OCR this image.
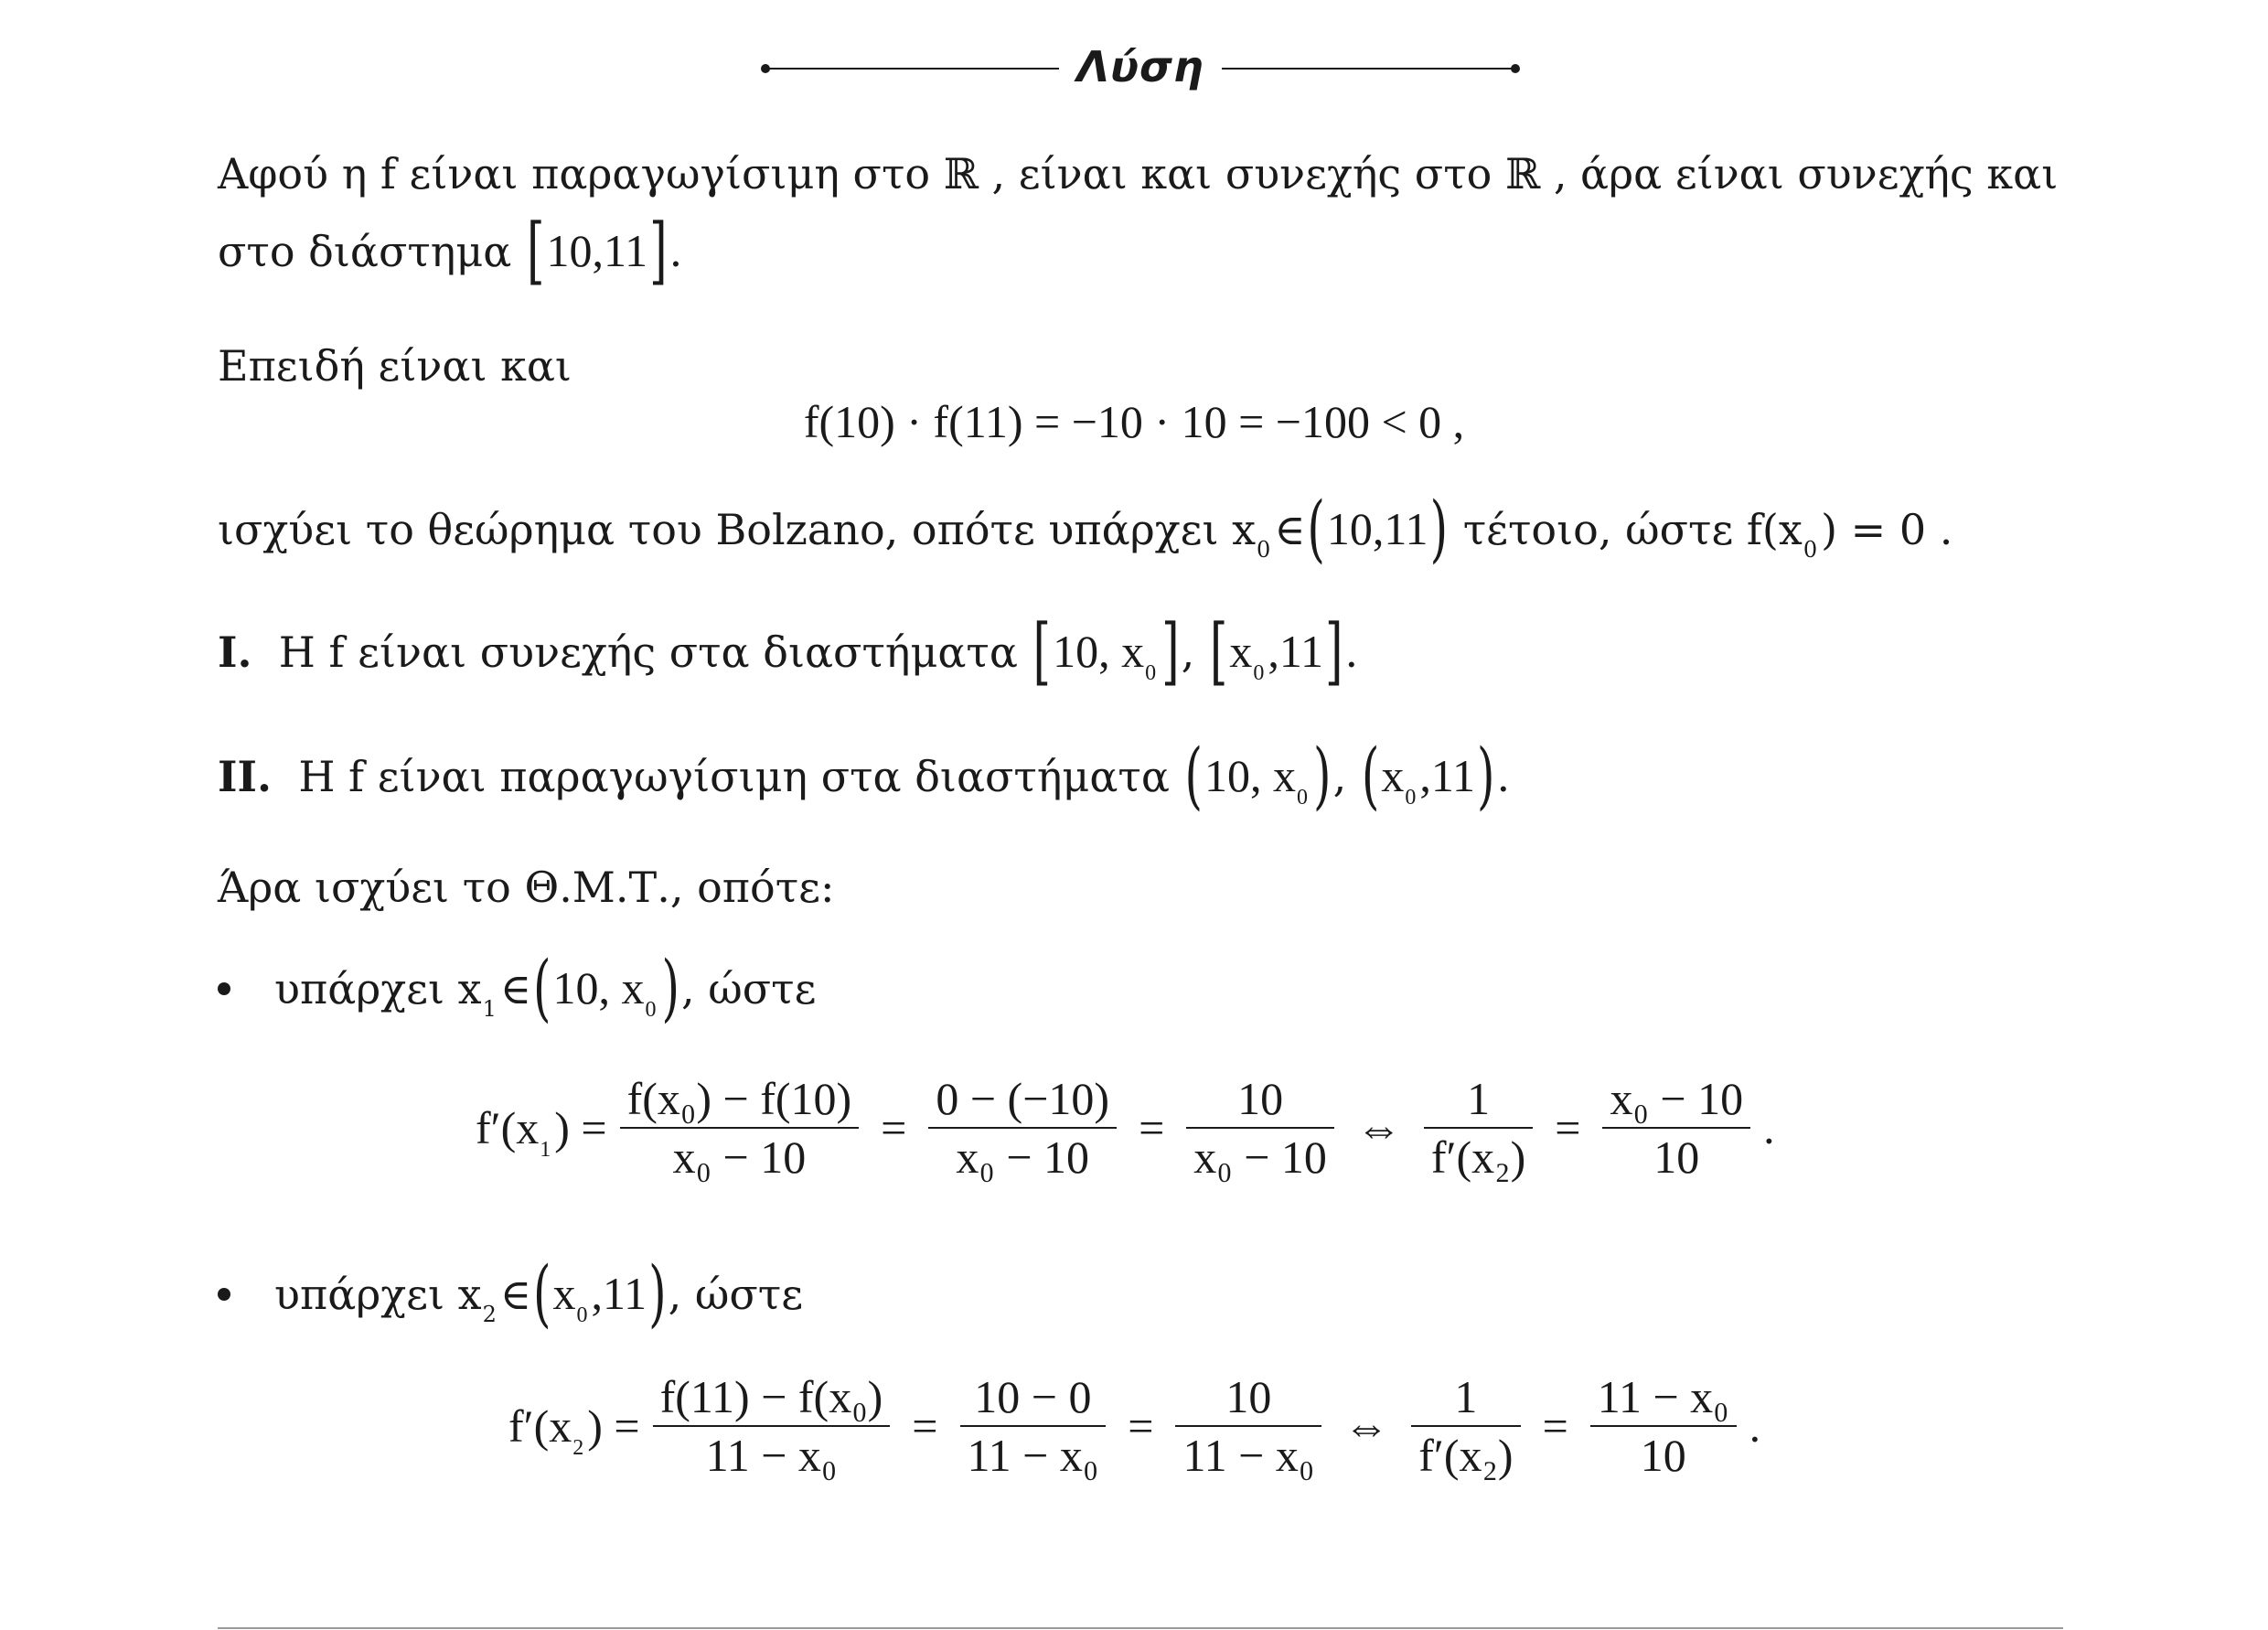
Λύση
Αφού η f είναι παραγωγίσιμη στο ℝ , είναι και συνεχής στο ℝ , άρα είναι συνεχής και
στο διάστημα [10,11].
Επειδή είναι και
f(10) · f(11) = −10 · 10 = −100 < 0 ,
ισχύει το θεώρημα του Bolzano, οπότε υπάρχει $x_0\in(10,11)$ τέτοιο, ώστε $f(x_0) = 0$ .
I. Η f είναι συνεχής στα διαστήματα [10, $x_0$ ], $[x_0,11]$.
II. Η f είναι παραγωγίσιμη στα διαστήματα (10, $x_0$ ), $(x_0,11)$.
Άρα ισχύει το Θ.Μ.Τ., οπότε:
υπάρχει $x_1\in(10$, $x_0$ ), ώστε
$f'(x_1) = \frac{\text{f(x₀) − f(10)}}{\text{x₀ − 10}} = \frac{0 - (-10)}{\text{x₀ − 10}} = \frac{10}{\text{x₀ − 10}}$ ⇔ $\frac{1}{\text{f′(x₂)}} = \frac{\text{x₀ − 10}}{10}$ .
υπάρχει $x_2\in(x_0,11)$, ώστε
$f'(x_2) = \frac{\text{f(11) − f(x₀)}}{\text{11 − x₀}} = \frac{10 - 0}{\text{11 − x₀}} = \frac{10}{\text{11 − x₀}}$ ⇔ $\frac{1}{\text{f′(x₂)}} = \frac{\text{11 − x₀}}{10}$ .
